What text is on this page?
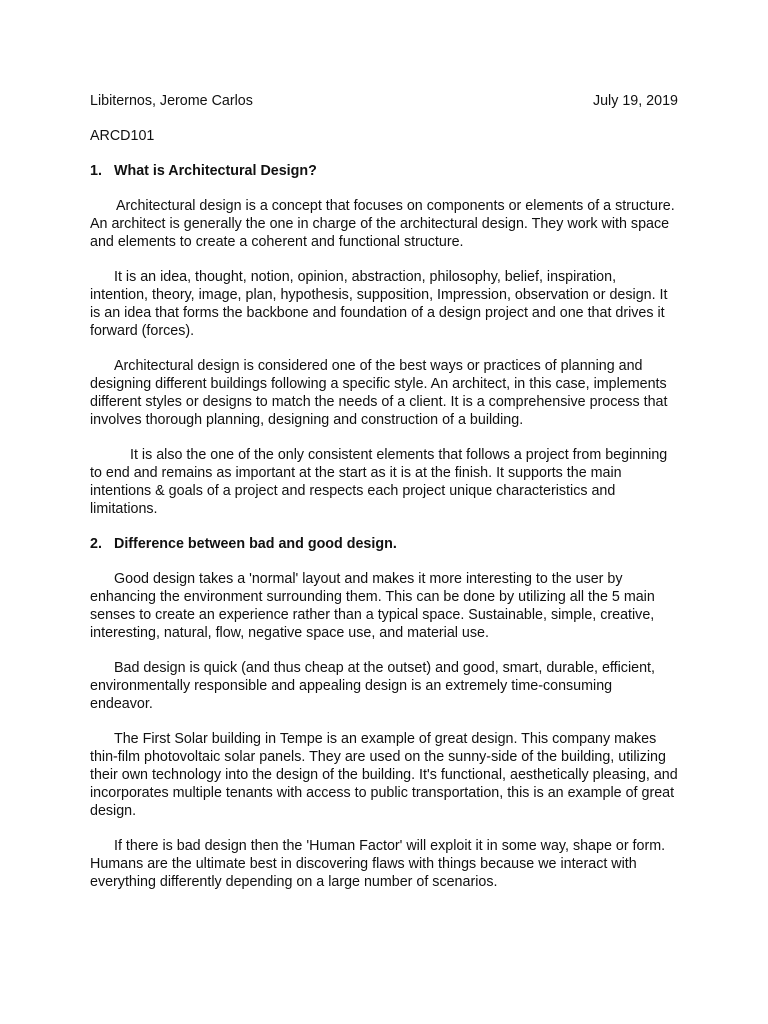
Libiternos, Jerome Carlos	July 19, 2019
ARCD101
1. What is Architectural Design?

Architectural design is a concept that focuses on components or elements of a structure. An architect is generally the one in charge of the architectural design. They work with space and elements to create a coherent and functional structure.

It is an idea, thought, notion, opinion, abstraction, philosophy, belief, inspiration, intention, theory, image, plan, hypothesis, supposition, Impression, observation or design. It is an idea that forms the backbone and foundation of a design project and one that drives it forward (forces).

Architectural design is considered one of the best ways or practices of planning and designing different buildings following a specific style. An architect, in this case, implements different styles or designs to match the needs of a client. It is a comprehensive process that involves thorough planning, designing and construction of a building.

It is also the one of the only consistent elements that follows a project from beginning to end and remains as important at the start as it is at the finish. It supports the main intentions & goals of a project and respects each project unique characteristics and limitations.

2. Difference between bad and good design.

Good design takes a 'normal' layout and makes it more interesting to the user by enhancing the environment surrounding them. This can be done by utilizing all the 5 main senses to create an experience rather than a typical space. Sustainable, simple, creative, interesting, natural, flow, negative space use, and material use.

Bad design is quick (and thus cheap at the outset) and good, smart, durable, efficient, environmentally responsible and appealing design is an extremely time-consuming endeavor.

The First Solar building in Tempe is an example of great design. This company makes thin-film photovoltaic solar panels. They are used on the sunny-side of the building, utilizing their own technology into the design of the building. It's functional, aesthetically pleasing, and incorporates multiple tenants with access to public transportation, this is an example of great design.

If there is bad design then the 'Human Factor' will exploit it in some way, shape or form. Humans are the ultimate best in discovering flaws with things because we interact with everything differently depending on a large number of scenarios.
